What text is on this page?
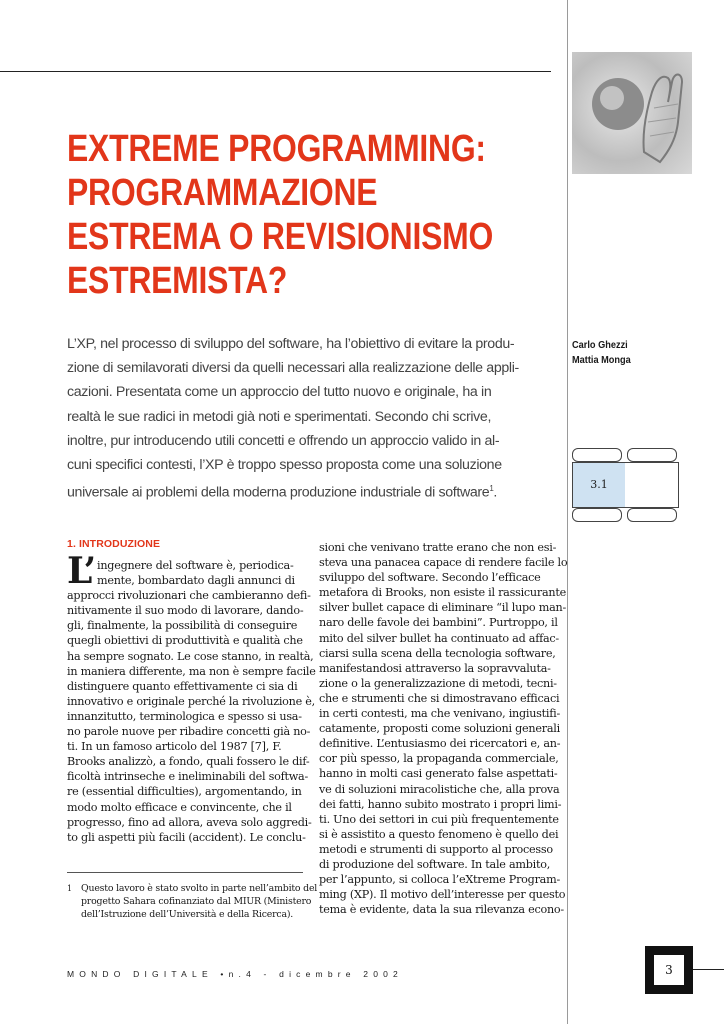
EXTREME PROGRAMMING:
PROGRAMMAZIONE
ESTREMA O REVISIONISMO
ESTREMISTA?

L’XP, nel processo di sviluppo del software, ha l’obiettivo di evitare la produ-
zione di semilavorati diversi da quelli necessari alla realizzazione delle appli-
cazioni. Presentata come un approccio del tutto nuovo e originale, ha in
realtà le sue radici in metodi già noti e sperimentati. Secondo chi scrive,
inoltre, pur introducendo utili concetti e offrendo un approccio valido in al-
cuni specifici contesti, l’XP è troppo spesso proposta come una soluzione
universale ai problemi della moderna produzione industriale di software$^1$.

Carlo Ghezzi
Mattia Monga
3.1
1. INTRODUZIONE
L’ ingegnere del software è, periodica-
mente, bombardato dagli annunci di
approcci rivoluzionari che cambieranno defi-
nitivamente il suo modo di lavorare, dando-
gli, finalmente, la possibilità di conseguire
quegli obiettivi di produttività e qualità che
ha sempre sognato. Le cose stanno, in realtà,
in maniera differente, ma non è sempre facile
distinguere quanto effettivamente ci sia di
innovativo e originale perché la rivoluzione è,
innanzitutto, terminologica e spesso si usa-
no parole nuove per ribadire concetti già no-
ti. In un famoso articolo del 1987 [7], F.
Brooks analizzò, a fondo, quali fossero le dif-
ficoltà intrinseche e ineliminabili del softwa-
re (essential difficulties), argomentando, in
modo molto efficace e convincente, che il
progresso, fino ad allora, aveva solo aggredi-
to gli aspetti più facili (accident). Le conclu-
sioni che venivano tratte erano che non esi-
steva una panacea capace di rendere facile lo
sviluppo del software. Secondo l’efficace
metafora di Brooks, non esiste il rassicurante
silver bullet capace di eliminare “il lupo man-
naro delle favole dei bambini”. Purtroppo, il
mito del silver bullet ha continuato ad affac-
ciarsi sulla scena della tecnologia software,
manifestandosi attraverso la sopravvaluta-
zione o la generalizzazione di metodi, tecni-
che e strumenti che si dimostravano efficaci
in certi contesti, ma che venivano, ingiustifi-
catamente, proposti come soluzioni generali
definitive. L’entusiasmo dei ricercatori e, an-
cor più spesso, la propaganda commerciale,
hanno in molti casi generato false aspettati-
ve di soluzioni miracolistiche che, alla prova
dei fatti, hanno subito mostrato i propri limi-
ti. Uno dei settori in cui più frequentemente
si è assistito a questo fenomeno è quello dei
metodi e strumenti di supporto al processo
di produzione del software. In tale ambito,
per l’appunto, si colloca l’eXtreme Program-
ming (XP). Il motivo dell’interesse per questo
tema è evidente, data la sua rilevanza econo-
1 Questo lavoro è stato svolto in parte nell’ambito del
progetto Sahara cofinanziato dal MIUR (Ministero
dell’Istruzione dell’Università e della Ricerca).
MONDO DIGITALE •n.4 - dicembre 2002	3
